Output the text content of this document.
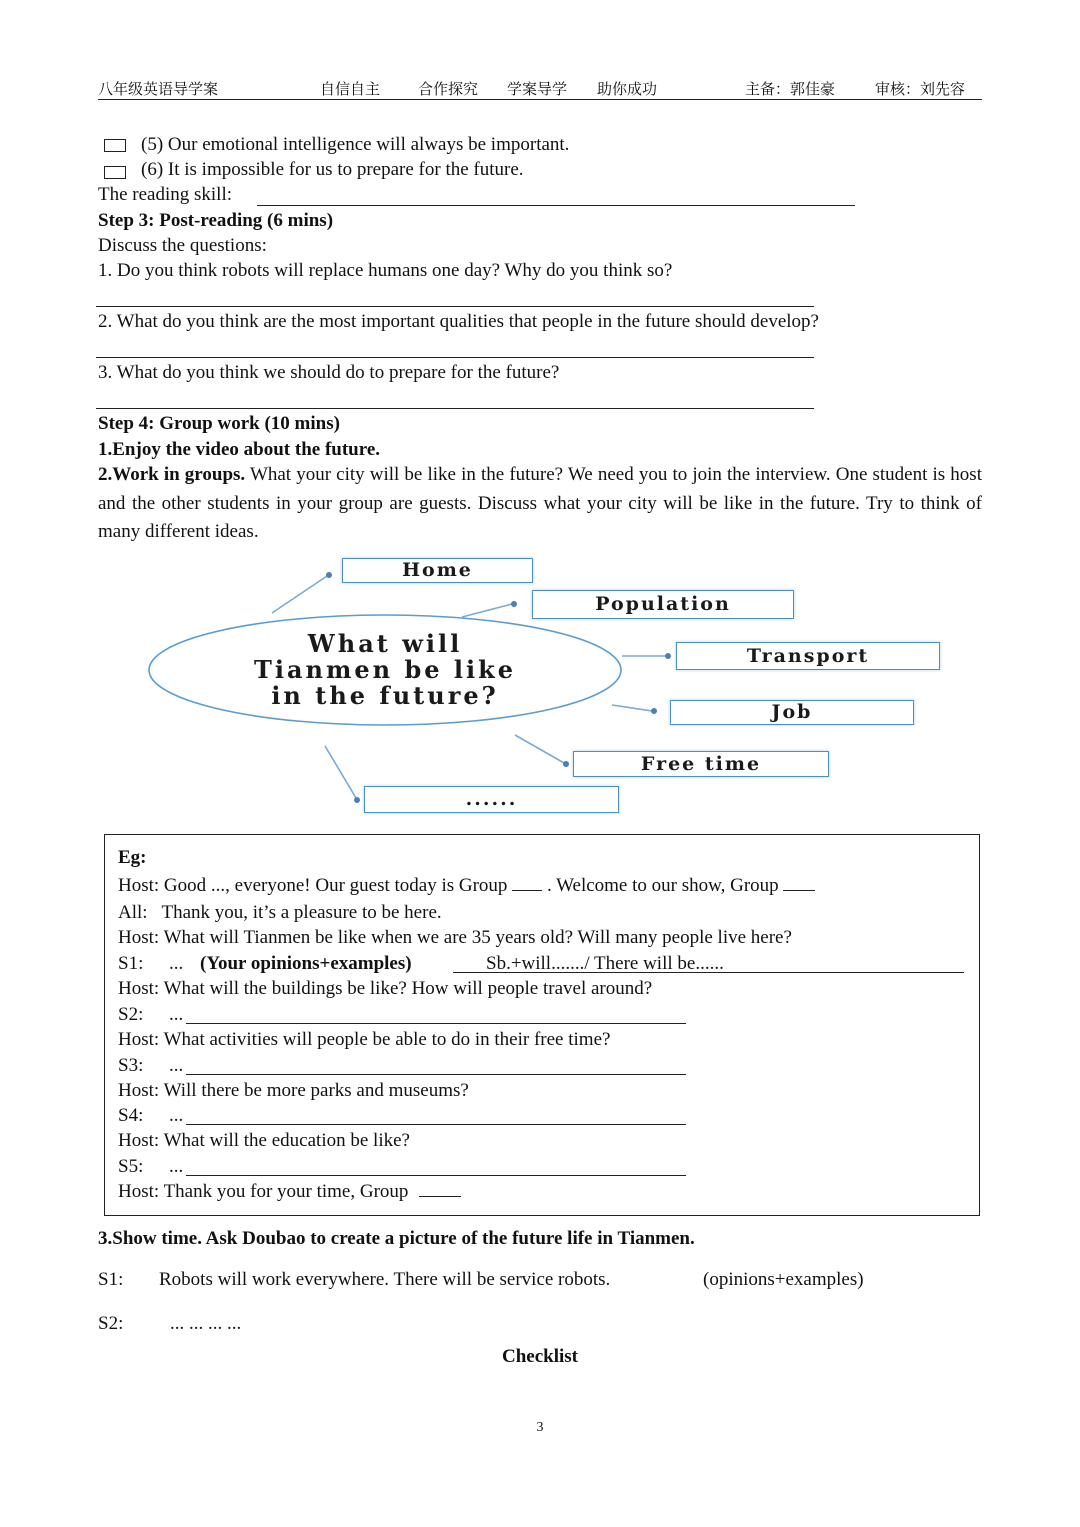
八年级英语导学案	自信自主	合作探究 学案导学 助你成功	主备：郭佳豪	审核：刘先容
(5) Our emotional intelligence will always be important.
(6) It is impossible for us to prepare for the future.
The reading skill:
Step 3: Post-reading (6 mins)
Discuss the questions:
1. Do you think robots will replace humans one day? Why do you think so?
2. What do you think are the most important qualities that people in the future should develop?
3. What do you think we should do to prepare for the future?
Step 4: Group work (10 mins)
1.Enjoy the video about the future.
2.Work in groups. What your city will be like in the future? We need you to join the interview. One student is host and the other students in your group are guests. Discuss what your city will be like in the future. Try to think of many different ideas.
What will
Tianmen be like
in the future?
Home
Population
Transport
Job
Free time
......
Eg:
Host: Good ..., everyone! Our guest today is Group . Welcome to our show, Group
All:   Thank you, it’s a pleasure to be here.
Host: What will Tianmen be like when we are 35 years old? Will many people live here?
S1: ... (Your opinions+examples)	Sb.+will......./ There will be......
Host: What will the buildings be like? How will people travel around?
S2: ...
Host: What activities will people be able to do in their free time?
S3: ...
Host: Will there be more parks and museums?
S4: ...
Host: What will the education be like?
S5: ...
Host: Thank you for your time, Group
3.Show time. Ask Doubao to create a picture of the future life in Tianmen.
S1: Robots will work everywhere. There will be service robots.	(opinions+examples)
S2: ... ... ... ...
Checklist
3
